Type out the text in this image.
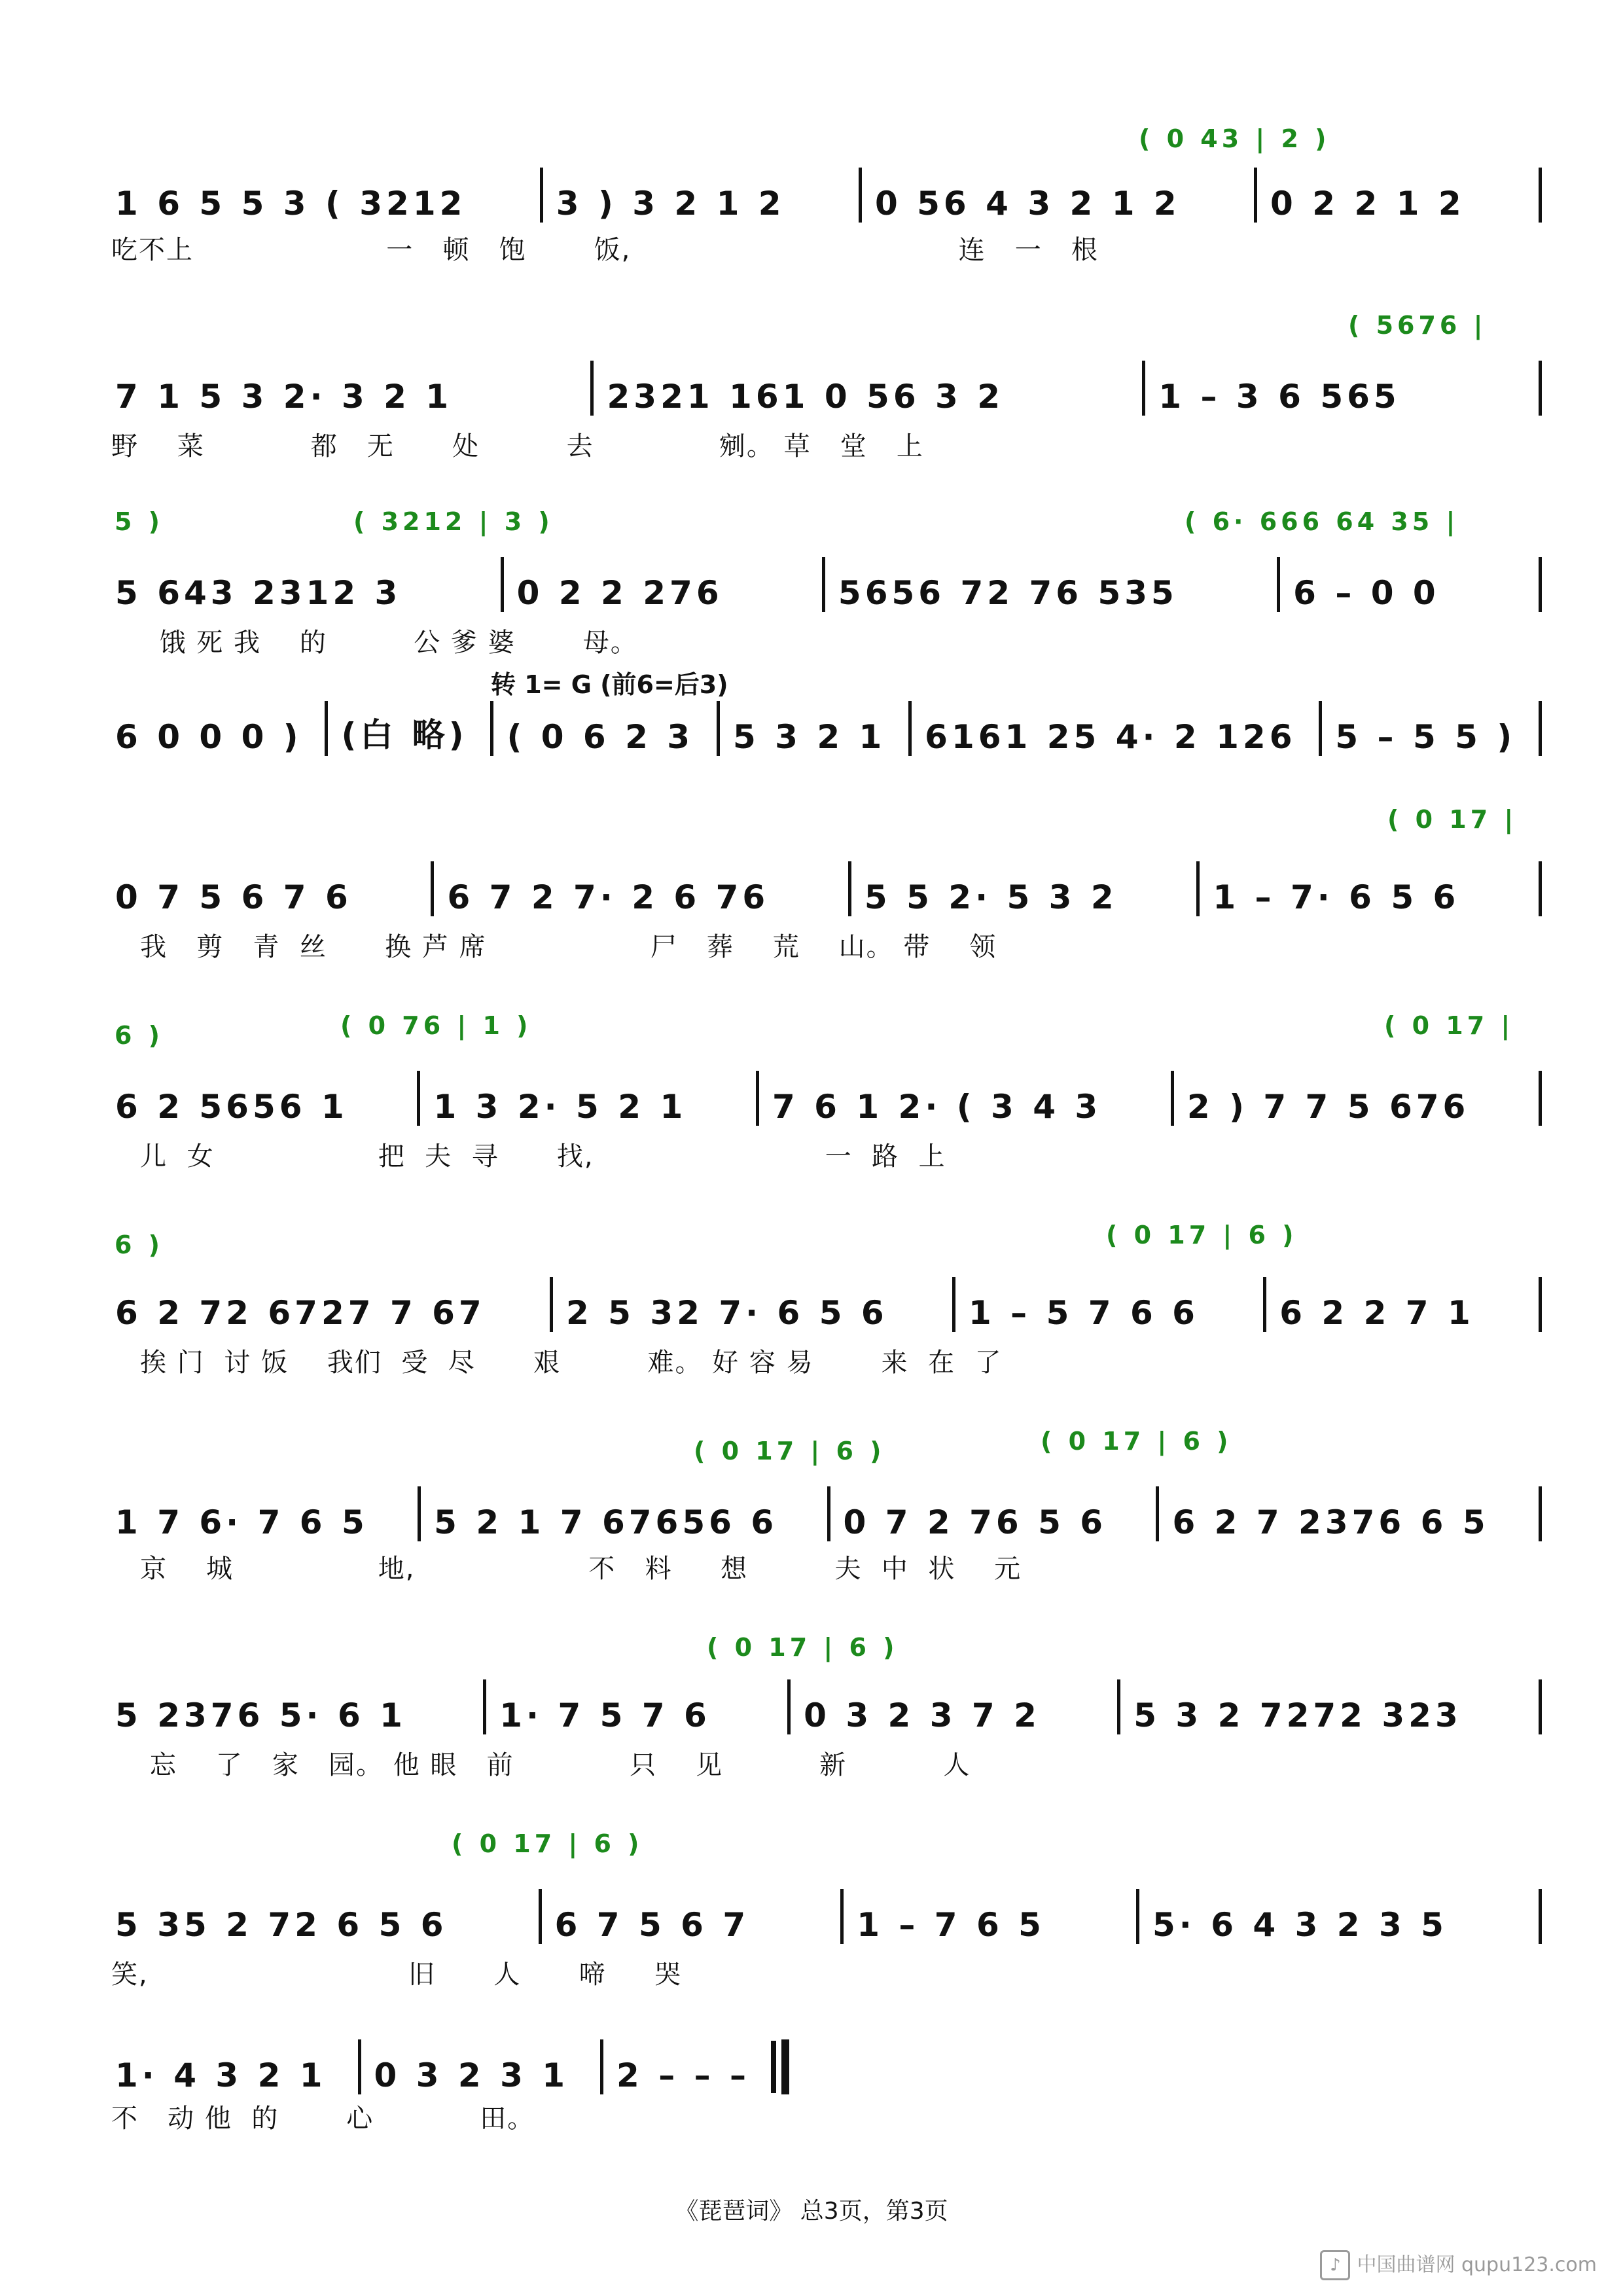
( 0 43 | 2 )
1 6 5 5 3 ( 3212	3 ) 3 2 1 2	0 56 4 3 2 1 2	0 2 2 1 2
吃不上                    一   顿   饱       饭,                                  连   一   根
( 5676 |
7 1 5 3 2· 3 2 1	2321 161 0 56 3 2	1 – 3 6 565
野    菜           都   无      处         去             剜。 草   堂   上
5 )	( 3212 | 3 )	( 6· 666 64 35 |
5 643 2312 3	0 2 2 276	5656 72 76 535	6 – 0 0
饿 死 我    的         公 爹 婆       母。
转 1= G (前6=后3)
6 0 0 0 )	(白 略)	( 0 6 2 3	5 3 2 1	6161 25 4· 2 126	5 – 5 5 )
( 0 17 |
0 7 5 6 7 6	6 7 2 7· 2 6 76	5 5 2· 5 3 2	1 – 7· 6 5 6
我   剪   青  丝      换 芦 席                 尸   葬    荒    山。 带    领
6 )	( 0 76 | 1 )	( 0 17 |
6 2 5656 1	1 3 2· 5 2 1	7 6 1 2· ( 3 4 3	2 ) 7 7 5 676
儿  女                 把  夫  寻      找,                        一  路  上
6 )	( 0 17 | 6 )
6 2 72 6727 7 67	2 5 32 7· 6 5 6	1 – 5 7 6 6	6 2 2 7 1
挨 门  讨 饭    我们  受  尽      艰         难。 好 容 易       来  在  了
( 0 17 | 6 )	( 0 17 | 6 )
1 7 6· 7 6 5	5 2 1 7 67656 6	0 7 2 76 5 6	6 2 7 2376 6 5
京    城               地,                  不   料     想         夫  中  状    元
( 0 17 | 6 )
5 2376 5· 6 1	1· 7 5 7 6	0 3 2 3 7 2	5 3 2 7272 323
忘    了   家   园。 他 眼   前            只    见          新          人
( 0 17 | 6 )
5 35 2 72 6 5 6	6 7 5 6 7	1 – 7 6 5	5· 6 4 3 2 3 5
笑,                           旧      人      啼     哭
1· 4 3 2 1	0 3 2 3 1	2 – – –
不   动 他  的       心           田。
《琵琶词》 总3页，第3页
♪ 中国曲谱网 qupu123.com
